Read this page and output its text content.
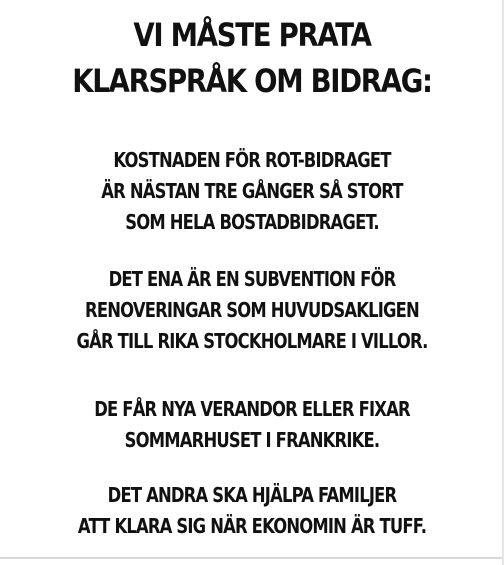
VI MÅSTE PRATA
KLARSPRÅK OM BIDRAG:
KOSTNADEN FÖR ROT-BIDRAGET
ÄR NÄSTAN TRE GÅNGER SÅ STORT
SOM HELA BOSTADBIDRAGET.
DET ENA ÄR EN SUBVENTION FÖR
RENOVERINGAR SOM HUVUDSAKLIGEN
GÅR TILL RIKA STOCKHOLMARE I VILLOR.
DE FÅR NYA VERANDOR ELLER FIXAR
SOMMARHUSET I FRANKRIKE.
DET ANDRA SKA HJÄLPA FAMILJER
ATT KLARA SIG NÄR EKONOMIN ÄR TUFF.
